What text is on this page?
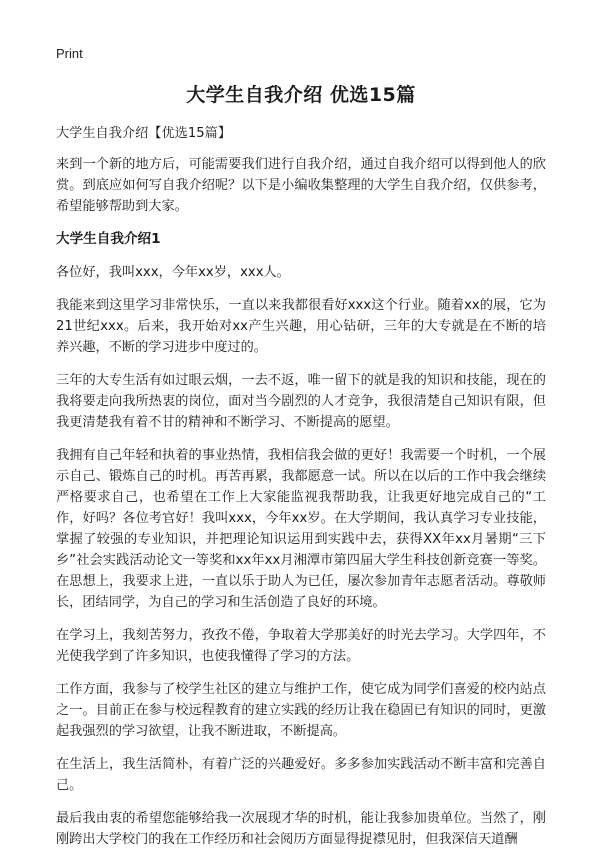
Print
大学生自我介绍 优选15篇
大学生自我介绍【优选15篇】

来到一个新的地方后，可能需要我们进行自我介绍，通过自我介绍可以得到他人的欣赏。到底应如何写自我介绍呢？以下是小编收集整理的大学生自我介绍，仅供参考，希望能够帮助到大家。

大学生自我介绍1

各位好，我叫xxx，今年xx岁，xxx人。

我能来到这里学习非常快乐，一直以来我都很看好xxx这个行业。随着xx的展，它为21世纪xxx。后来，我开始对xx产生兴趣，用心钻研，三年的大专就是在不断的培养兴趣，不断的学习进步中度过的。

三年的大专生活有如过眼云烟，一去不返，唯一留下的就是我的知识和技能，现在的我将要走向我所热衷的岗位，面对当今剧烈的人才竞争，我很清楚自己知识有限，但我更清楚我有着不甘的精神和不断学习、不断提高的愿望。

我拥有自己年轻和执着的事业热情，我相信我会做的更好！我需要一个时机，一个展示自己、锻炼自己的时机。再苦再累，我都愿意一试。所以在以后的工作中我会继续严格要求自己，也希望在工作上大家能监视我帮助我，让我更好地完成自己的“工作，好吗？各位考官好！我叫xxx，今年xx岁。在大学期间，我认真学习专业技能，掌握了较强的专业知识，并把理论知识运用到实践中去，获得XX年xx月暑期“三下乡”社会实践活动论文一等奖和xx年xx月湘潭市第四届大学生科技创新竞赛一等奖。在思想上，我要求上进，一直以乐于助人为已任，屡次参加青年志愿者活动。尊敬师长，团结同学，为自己的学习和生活创造了良好的环境。

在学习上，我刻苦努力，孜孜不倦，争取着大学那美好的时光去学习。大学四年，不光使我学到了许多知识，也使我懂得了学习的方法。

工作方面，我参与了校学生社区的建立与维护工作，使它成为同学们喜爱的校内站点之一。目前正在参与校远程教育的建立实践的经历让我在稳固已有知识的同时，更激起我强烈的学习欲望，让我不断进取，不断提高。

在生活上，我生活简朴，有着广泛的兴趣爱好。多多参加实践活动不断丰富和完善自己。

最后我由衷的希望您能够给我一次展现才华的时机，能让我参加贵单位。当然了，刚刚跨出大学校门的我在工作经历和社会阅历方面显得捉襟见肘，但我深信天道酬
